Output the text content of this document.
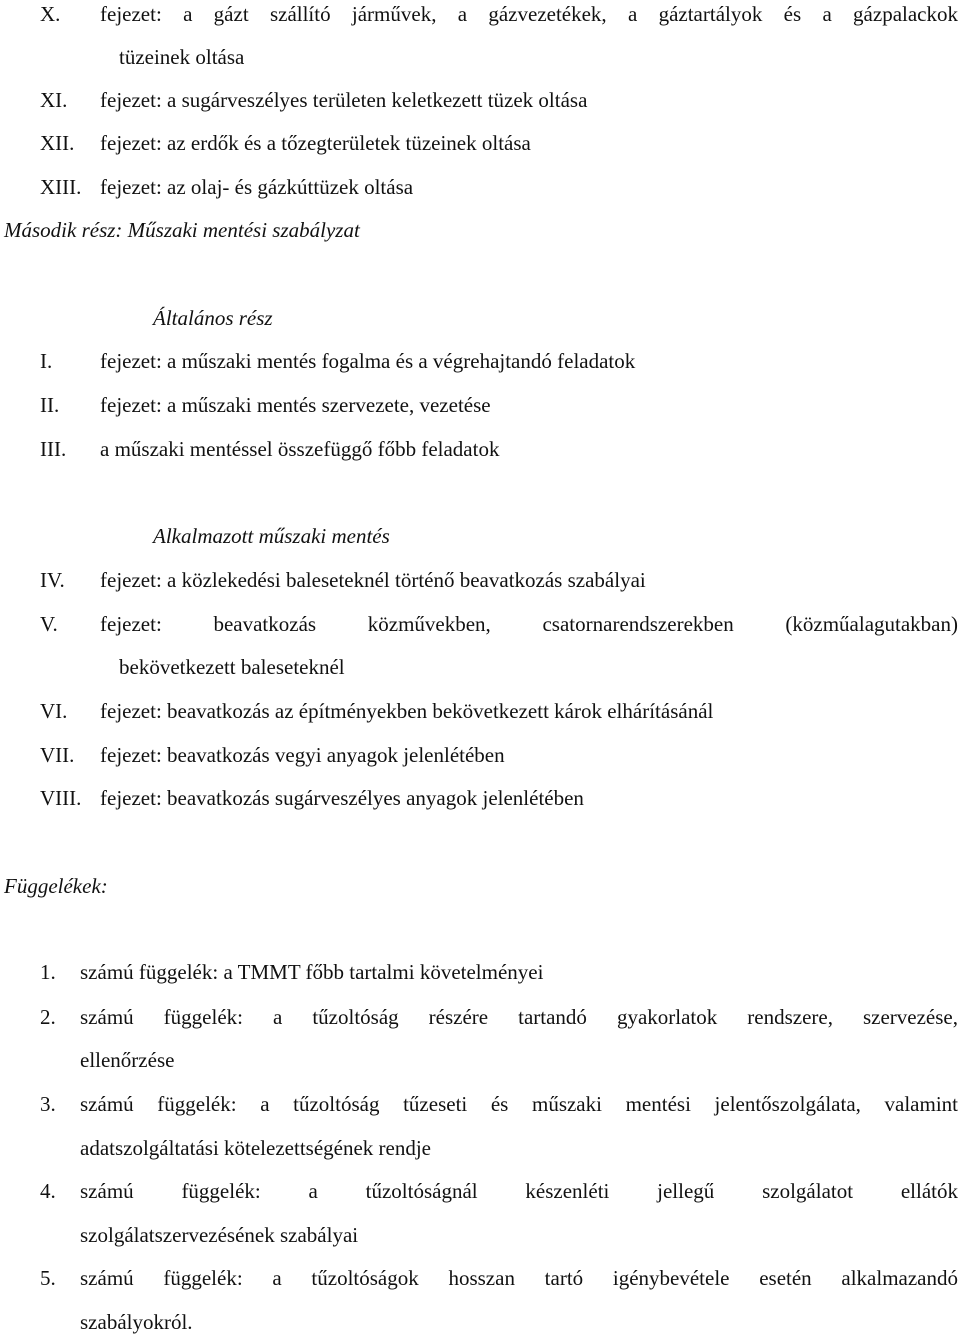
X. fejezet: a gázt szállító járművek, a gázvezetékek, a gáztartályok és a gázpalackok
tüzeinek oltása
XI. fejezet: a sugárveszélyes területen keletkezett tüzek oltása
XII. fejezet: az erdők és a tőzegterületek tüzeinek oltása
XIII. fejezet: az olaj- és gázkúttüzek oltása
Második rész: Műszaki mentési szabályzat
Általános rész
I. fejezet: a műszaki mentés fogalma és a végrehajtandó feladatok
II. fejezet: a műszaki mentés szervezete, vezetése
III. a műszaki mentéssel összefüggő főbb feladatok
Alkalmazott műszaki mentés
IV. fejezet: a közlekedési baleseteknél történő beavatkozás szabályai
V. fejezet: beavatkozás közművekben, csatornarendszerekben (közműalagutakban)
bekövetkezett baleseteknél
VI. fejezet: beavatkozás az építményekben bekövetkezett károk elhárításánál
VII. fejezet: beavatkozás vegyi anyagok jelenlétében
VIII. fejezet: beavatkozás sugárveszélyes anyagok jelenlétében
Függelékek:
1. számú függelék: a TMMT főbb tartalmi követelményei
2. számú függelék: a tűzoltóság részére tartandó gyakorlatok rendszere, szervezése,
ellenőrzése
3. számú függelék: a tűzoltóság tűzeseti és műszaki mentési jelentőszolgálata, valamint
adatszolgáltatási kötelezettségének rendje
4. számú függelék: a tűzoltóságnál készenléti jellegű szolgálatot ellátók
szolgálatszervezésének szabályai
5. számú függelék: a tűzoltóságok hosszan tartó igénybevétele esetén alkalmazandó
szabályokról.
